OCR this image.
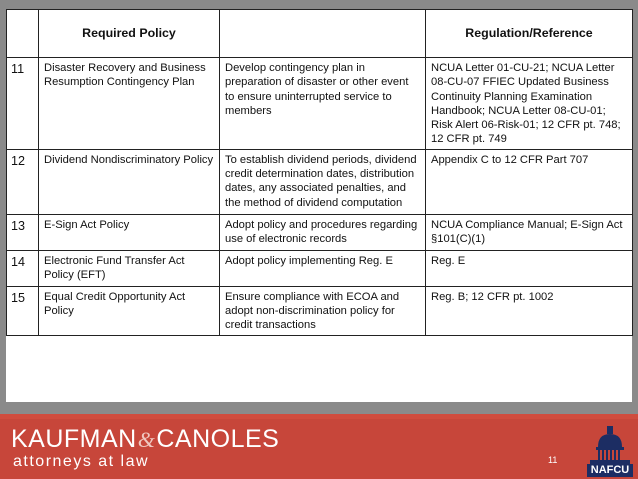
	Required Policy		Regulation/Reference
11	Disaster Recovery and Business Resumption Contingency Plan	Develop contingency plan in preparation of disaster or other event to ensure uninterrupted service to members	NCUA Letter 01-CU-21; NCUA Letter 08-CU-07 FFIEC Updated Business Continuity Planning Examination Handbook; NCUA Letter 08-CU-01; Risk Alert 06-Risk-01; 12 CFR pt. 748; 12 CFR pt. 749
12	Dividend Nondiscriminatory Policy	To establish dividend periods, dividend credit determination dates, distribution dates, any associated penalties, and the method of dividend computation	Appendix C to 12 CFR Part 707
13	E-Sign Act Policy	Adopt policy and procedures regarding use of electronic records	NCUA Compliance Manual; E-Sign Act §101(C)(1)
14	Electronic Fund Transfer Act Policy (EFT)	Adopt policy implementing Reg. E	Reg. E
15	Equal Credit Opportunity Act Policy	Ensure compliance with ECOA and adopt non-discrimination policy for credit transactions	Reg. B; 12 CFR pt. 1002
KAUFMAN&CANOLES
attorneys at law	11
NAFCU
